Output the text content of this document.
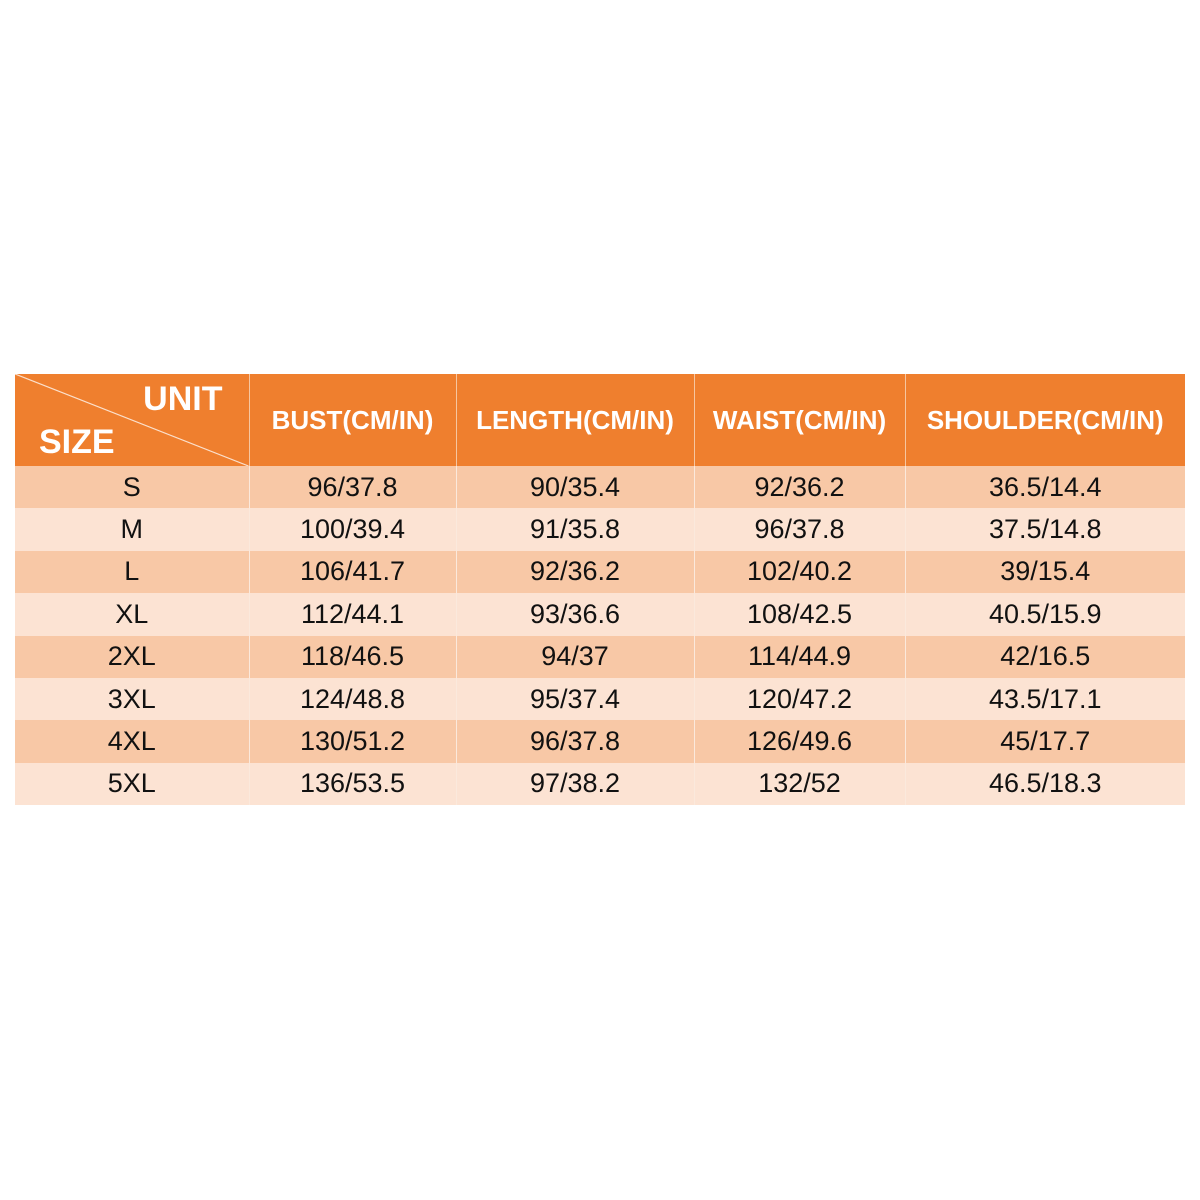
UNIT
SIZE	BUST(CM/IN)	LENGTH(CM/IN)	WAIST(CM/IN)	SHOULDER(CM/IN)
S	96/37.8	90/35.4	92/36.2	36.5/14.4
M	100/39.4	91/35.8	96/37.8	37.5/14.8
L	106/41.7	92/36.2	102/40.2	39/15.4
XL	112/44.1	93/36.6	108/42.5	40.5/15.9
2XL	118/46.5	94/37	114/44.9	42/16.5
3XL	124/48.8	95/37.4	120/47.2	43.5/17.1
4XL	130/51.2	96/37.8	126/49.6	45/17.7
5XL	136/53.5	97/38.2	132/52	46.5/18.3
